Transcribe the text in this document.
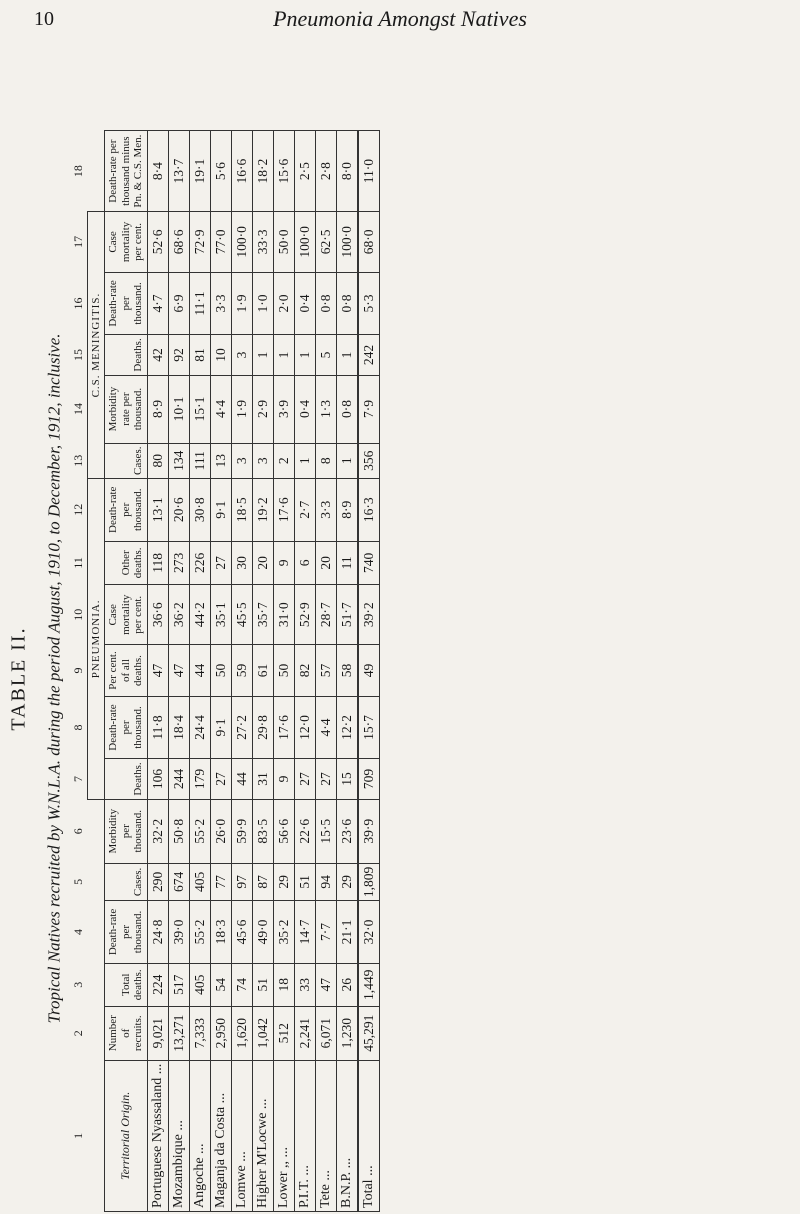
10	Pneumonia Amongst Natives
TABLE II. Tropical Natives recruited by W.N.L.A. during the period August, 1910, to December, 1912, inclusive.
1	2	3	4	5	6	7	8	9	10	11	12	13	14	15	16	17	18
						PNEUMONIA.						C.S. MENINGITIS.					
Territorial Origin.	Number of recruits.	Total deaths.	Death-rate per thousand.	Cases.	Morbidity per thousand.	Deaths.	Death-rate per thousand.	Per cent. of all deaths.	Case mortality per cent.	Other deaths.	Death-rate per thousand.	Cases.	Morbidity rate per thousand.	Deaths.	Death-rate per thousand.	Case mortality per cent.	Death-rate per thousand minus Pn. & C.S. Men.
Portuguese Nyassaland ...	9,021	224	24·8	290	32·2	106	11·8	47	36·6	118	13·1	80	8·9	42	4·7	52·6	8·4
Mozambique ...	13,271	517	39·0	674	50·8	244	18·4	47	36·2	273	20·6	134	10·1	92	6·9	68·6	13·7
Angoche ...	7,333	405	55·2	405	55·2	179	24·4	44	44·2	226	30·8	111	15·1	81	11·1	72·9	19·1
Maganja da Costa ...	2,950	54	18·3	77	26·0	27	9·1	50	35·1	27	9·1	13	4·4	10	3·3	77·0	5·6
Lomwe ...	1,620	74	45·6	97	59·9	44	27·2	59	45·5	30	18·5	3	1·9	3	1·9	100·0	16·6
Higher M'Locwe ...	1,042	51	49·0	87	83·5	31	29·8	61	35·7	20	19·2	3	2·9	1	1·0	33·3	18·2
Lower ,, ...	512	18	35·2	29	56·6	9	17·6	50	31·0	9	17·6	2	3·9	1	2·0	50·0	15·6
P.I.T. ...	2,241	33	14·7	51	22·6	27	12·0	82	52·9	6	2·7	1	0·4	1	0·4	100·0	2·5
Tete ...	6,071	47	7·7	94	15·5	27	4·4	57	28·7	20	3·3	8	1·3	5	0·8	62·5	2·8
B.N.P. ...	1,230	26	21·1	29	23·6	15	12·2	58	51·7	11	8·9	1	0·8	1	0·8	100·0	8·0
Total ...	45,291	1,449	32·0	1,809	39·9	709	15·7	49	39·2	740	16·3	356	7·9	242	5·3	68·0	11·0
